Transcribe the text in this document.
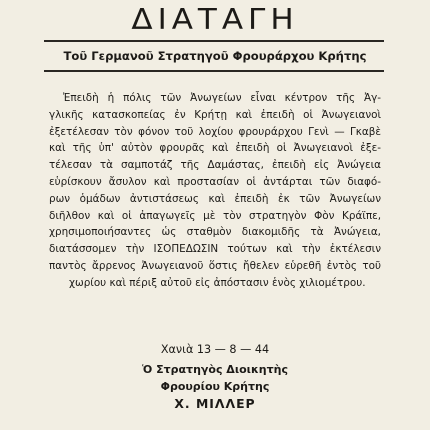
ΔΙΑΤΑΓΗ
Τοῦ Γερμανοῦ Στρατηγοῦ Φρουράρχου Κρήτης
Ἐπειδὴ ἡ πόλις τῶν Ἀνωγείων εἶναι κέντρον τῆς Ἀγ-
γλικῆς κατασκοπείας ἐν Κρήτῃ καὶ ἐπειδὴ οἱ Ἀνωγειανοὶ
ἐξετέλεσαν τὸν φόνον τοῦ λοχίου φρουράρχου Γενὶ — Γκαβὲ
καὶ τῆς ὑπ' αὐτὸν φρουρᾶς καὶ ἐπειδὴ οἱ Ἀνωγειανοὶ ἐξε-
τέλεσαν τὰ σαμποτάζ τῆς Δαμάστας, ἐπειδὴ εἰς Ἀνώγεια
εὑρίσκουν ἄσυλον καὶ προστασίαν οἱ ἀντάρται τῶν διαφό-
ρων ὁμάδων ἀντιστάσεως καὶ ἐπειδὴ ἐκ τῶν Ἀνωγείων
διῆλθον καὶ οἱ ἀπαγωγεῖς μὲ τὸν στρατηγὸν Φὸν Κράϊπε,
χρησιμοποιήσαντες ὡς σταθμὸν διακομιδῆς τὰ Ἀνώγεια,
διατάσσομεν τὴν ΙΣΟΠΕΔΩΣΙΝ τούτων καὶ τὴν ἐκτέλεσιν
παντὸς ἄρρενος Ἀνωγειανοῦ ὅστις ἤθελεν εὑρεθῆ ἐντὸς τοῦ
χωρίου καὶ πέριξ αὐτοῦ εἰς ἀπόστασιν ἑνὸς χιλιομέτρου.
Χανιὰ 13 — 8 — 44
Ὁ Στρατηγὸς Διοικητὴς
Φρουρίου Κρήτης
Χ. ΜΙΛΛΕΡ
